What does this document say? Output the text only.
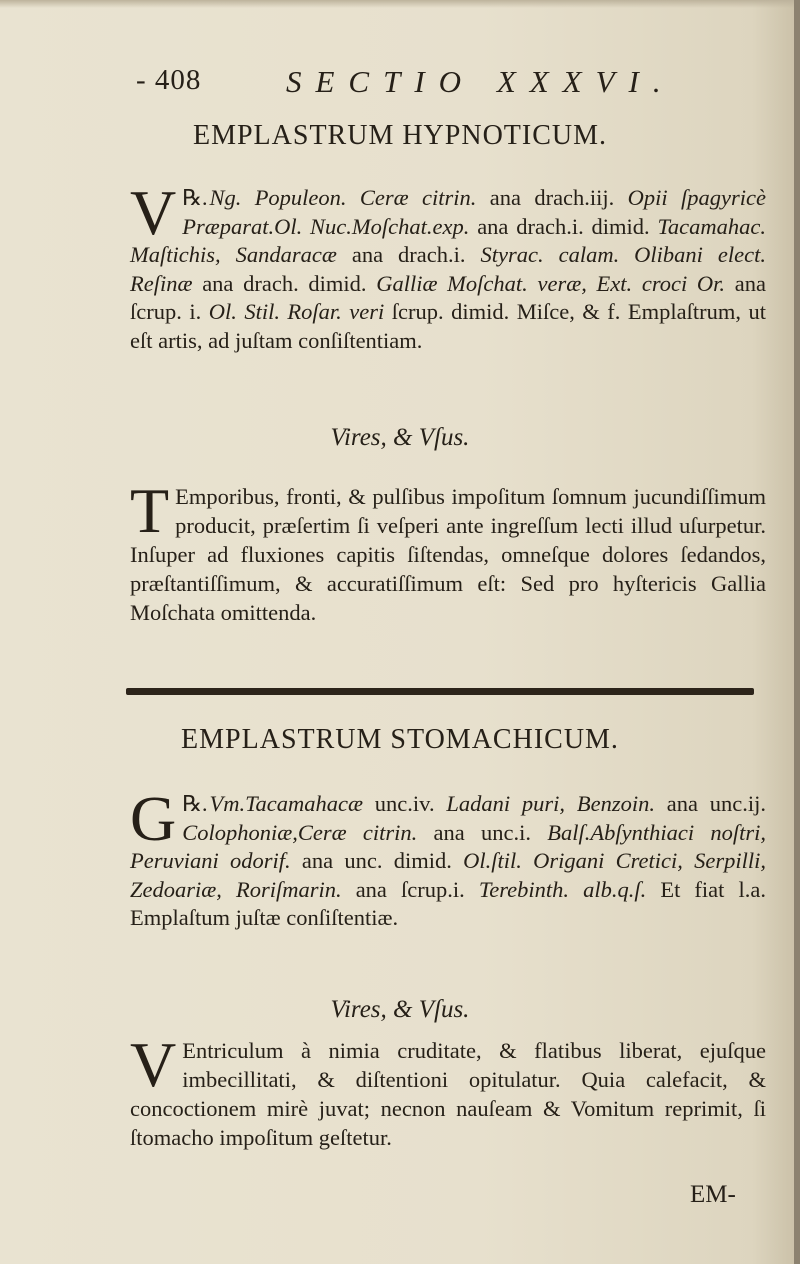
- 408	SECTIO XXXVI.
EMPLASTRUM HYPNOTICUM.
℞.
V Ng. Populeon. Ceræ citrin. ana drach.iij. Opii ſpagyricè Præparat.Ol. Nuc.Moſchat.exp. ana drach.i. dimid. Tacamahac. Maſtichis, Sandaracæ ana drach.i. Styrac. calam. Olibani elect. Reſinæ ana drach. dimid. Galliæ Moſchat. veræ, Ext. croci Or. ana ſcrup. i. Ol. Stil. Roſar. veri ſcrup. dimid. Miſce, & f. Emplaſtrum, ut eſt artis, ad juſtam conſiſtentiam.
Vires, & Vſus.
T Emporibus, fronti, & pulſibus impoſitum ſomnum jucundiſſimum producit, præſertim ſi veſperi ante ingreſſum lecti illud uſurpetur. Inſuper ad fluxiones capitis ſiſtendas, omneſque dolores ſedandos, præſtantiſſimum, & accuratiſſimum eſt: Sed pro hyſtericis Gallia Moſchata omittenda.
EMPLASTRUM STOMACHICUM.
℞.
G Vm.Tacamahacæ unc.iv. Ladani puri, Benzoin. ana unc.ij. Colophoniæ,Ceræ citrin. ana unc.i. Balſ.Abſynthiaci noſtri, Peruviani odorif. ana unc. dimid. Ol.ſtil. Origani Cretici, Serpilli, Zedoariæ, Roriſmarin. ana ſcrup.i. Terebinth. alb.q.ſ. Et fiat l.a. Emplaſtum juſtæ conſiſtentiæ.
Vires, & Vſus.
V Entriculum à nimia cruditate, & flatibus liberat, ejuſque imbecillitati, & diſtentioni opitulatur. Quia calefacit, & concoctionem mirè juvat; necnon nauſeam & Vomitum reprimit, ſi ſtomacho impoſitum geſtetur.
EM-
